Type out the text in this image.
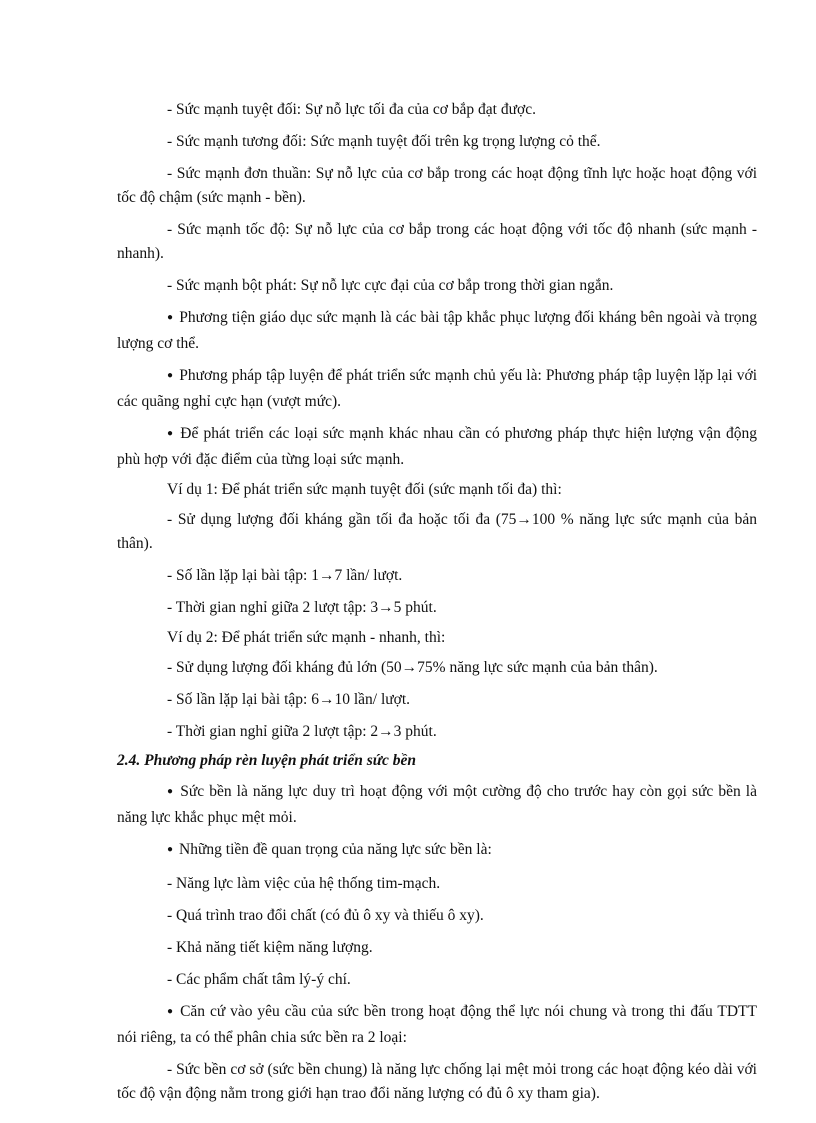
- Sức mạnh tuyệt đối: Sự nỗ lực tối đa của cơ bắp đạt được.

- Sức mạnh tương đối: Sức mạnh tuyệt đối trên kg trọng lượng cỏ thể.

- Sức mạnh đơn thuần: Sự nỗ lực của cơ bắp trong các hoạt động tĩnh lực hoặc hoạt động với tốc độ chậm (sức mạnh - bền).

- Sức mạnh tốc độ: Sự nỗ lực của cơ bắp trong các hoạt động với tốc độ nhanh (sức mạnh - nhanh).

- Sức mạnh bột phát: Sự nỗ lực cực đại của cơ bắp trong thời gian ngắn.

● Phương tiện giáo dục sức mạnh là các bài tập khắc phục lượng đối kháng bên ngoài và trọng lượng cơ thể.

● Phương pháp tập luyện để phát triển sức mạnh chủ yếu là: Phương pháp tập luyện lặp lại với các quãng nghỉ cực hạn (vượt mức).

● Để phát triển các loại sức mạnh khác nhau cần có phương pháp thực hiện lượng vận động phù hợp với đặc điểm của từng loại sức mạnh.

Ví dụ 1: Để phát triển sức mạnh tuyệt đối (sức mạnh tối đa) thì:

- Sử dụng lượng đối kháng gần tối đa hoặc tối đa (75→100 % năng lực sức mạnh của bản thân).

- Số lần lặp lại bài tập: 1→7 lần/ lượt.

- Thời gian nghỉ giữa 2 lượt tập: 3→5 phút.

Ví dụ 2: Để phát triển sức mạnh - nhanh, thì:

- Sử dụng lượng đối kháng đủ lớn (50→75% năng lực sức mạnh của bản thân).

- Số lần lặp lại bài tập: 6→10 lần/ lượt.

- Thời gian nghỉ giữa 2 lượt tập: 2→3 phút.

2.4. Phương pháp rèn luyện phát triển sức bền

● Sức bền là năng lực duy trì hoạt động với một cường độ cho trước hay còn gọi sức bền là năng lực khắc phục mệt mỏi.

● Những tiền đề quan trọng của năng lực sức bền là:

- Năng lực làm việc của hệ thống tim-mạch.

- Quá trình trao đổi chất (có đủ ô xy và thiếu ô xy).

- Khả năng tiết kiệm năng lượng.

- Các phẩm chất tâm lý-ý chí.

● Căn cứ vào yêu cầu của sức bền trong hoạt động thể lực nói chung và trong thi đấu TDTT nói riêng, ta có thể phân chia sức bền ra 2 loại:

- Sức bền cơ sở (sức bền chung) là năng lực chống lại mệt mỏi trong các hoạt động kéo dài với tốc độ vận động nằm trong giới hạn trao đổi năng lượng có đủ ô xy tham gia).
